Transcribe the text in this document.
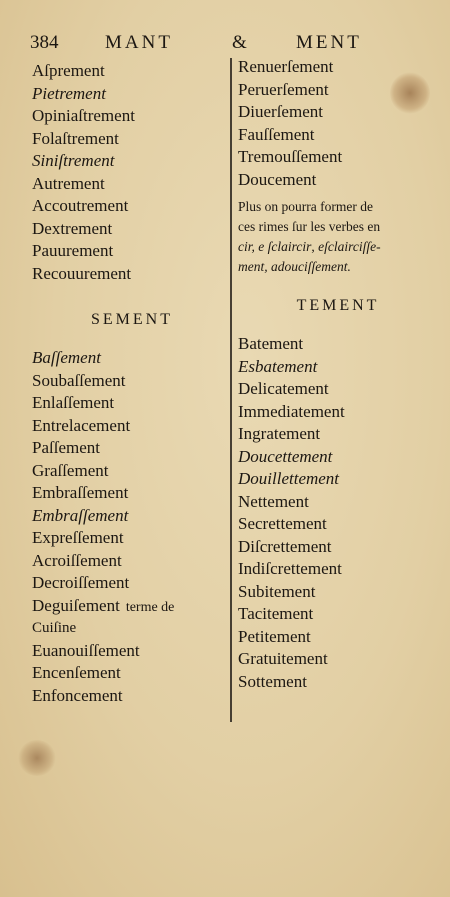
384 MANT	& MENT
Aſprement
Pietrement
Opiniaſtrement
Folaſtrement
Siniſtrement
Autrement
Accoutrement
Dextrement
Pauurement
Recouurement
SEMENT
Baſſement
Soubaſſement
Enlaſſement
Entrelacement
Paſſement
Graſſement
Embraſſement
Embraſſement
Expreſſement
Acroiſſement
Decroiſſement
Deguiſement terme de
Cuiſine
Euanouiſſement
Encenſement
Enfoncement
Renuerſement
Peruerſement
Diuerſement
Fauſſement
Tremouſſement
Doucement
Plus on pourra former de
ces rimes ſur les verbes en
cir, e ſclaircir, eſclairciſſe-
ment, adouciſſement.
TEMENT
Batement
Esbatement
Delicatement
Immediatement
Ingratement
Doucettement
Douillettement
Nettement
Secrettement
Diſcrettement
Indiſcrettement
Subitement
Tacitement
Petitement
Gratuitement
Sottement
